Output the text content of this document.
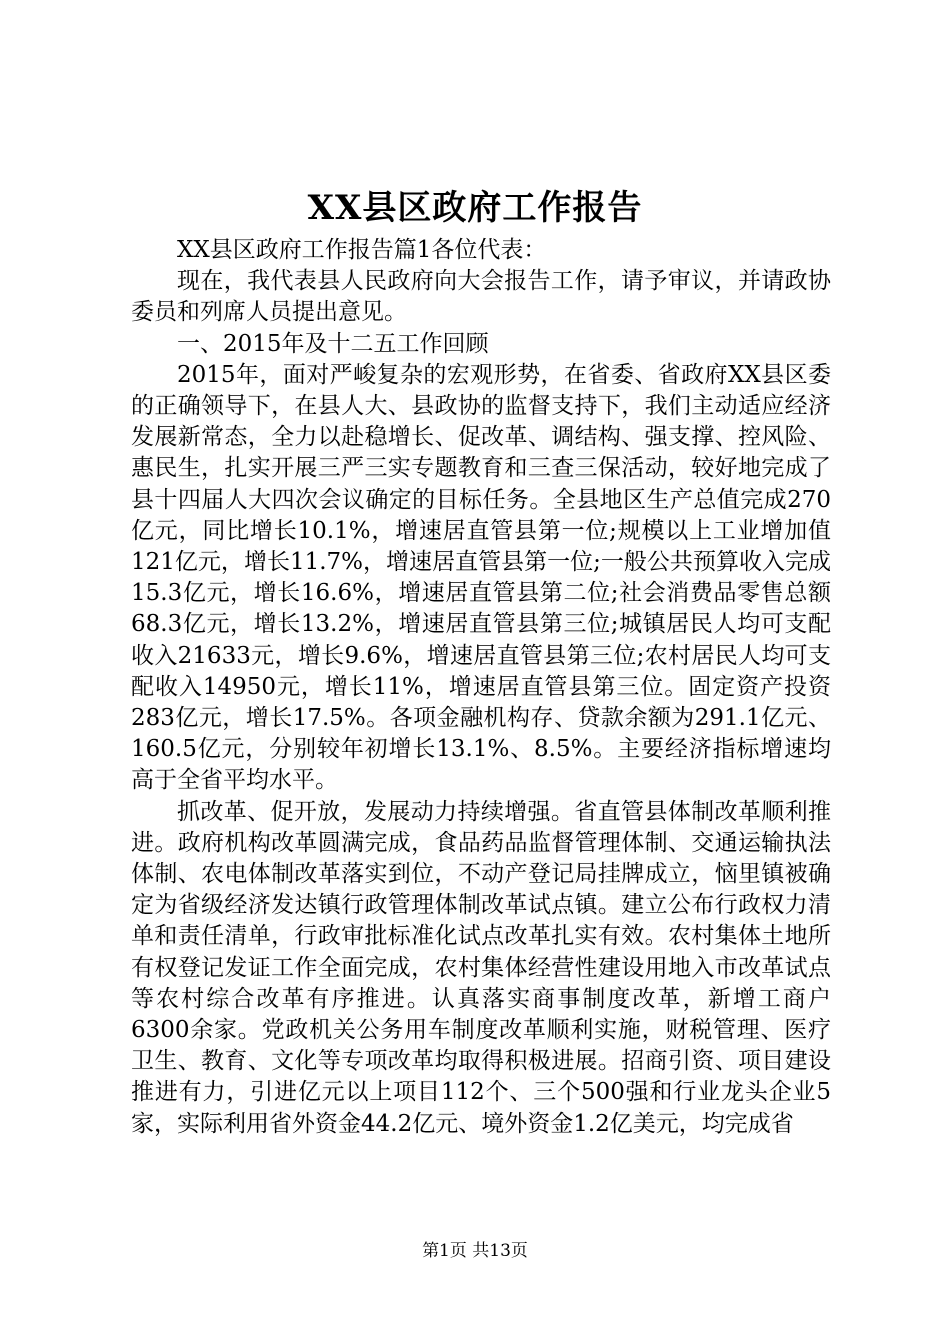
XX县区政府工作报告

XX县区政府工作报告篇1各位代表：

现在，我代表县人民政府向大会报告工作，请予审议，并请政协委员和列席人员提出意见。

一、2015年及十二五工作回顾

2015年，面对严峻复杂的宏观形势，在省委、省政府XX县区委的正确领导下，在县人大、县政协的监督支持下，我们主动适应经济发展新常态，全力以赴稳增长、促改革、调结构、强支撑、控风险、惠民生，扎实开展三严三实专题教育和三查三保活动，较好地完成了县十四届人大四次会议确定的目标任务。全县地区生产总值完成270亿元，同比增长10.1%，增速居直管县第一位;规模以上工业增加值121亿元，增长11.7%，增速居直管县第一位;一般公共预算收入完成15.3亿元，增长16.6%，增速居直管县第二位;社会消费品零售总额68.3亿元，增长13.2%，增速居直管县第三位;城镇居民人均可支配收入21633元，增长9.6%，增速居直管县第三位;农村居民人均可支配收入14950元，增长11%，增速居直管县第三位。固定资产投资283亿元，增长17.5%。各项金融机构存、贷款余额为291.1亿元、160.5亿元，分别较年初增长13.1%、8.5%。主要经济指标增速均高于全省平均水平。

抓改革、促开放，发展动力持续增强。省直管县体制改革顺利推进。政府机构改革圆满完成，食品药品监督管理体制、交通运输执法体制、农电体制改革落实到位，不动产登记局挂牌成立，恼里镇被确定为省级经济发达镇行政管理体制改革试点镇。建立公布行政权力清单和责任清单，行政审批标准化试点改革扎实有效。农村集体土地所有权登记发证工作全面完成，农村集体经营性建设用地入市改革试点等农村综合改革有序推进。认真落实商事制度改革，新增工商户6300余家。党政机关公务用车制度改革顺利实施，财税管理、医疗卫生、教育、文化等专项改革均取得积极进展。招商引资、项目建设推进有力，引进亿元以上项目112个、三个500强和行业龙头企业5家，实际利用省外资金44.2亿元、境外资金1.2亿美元，均完成省

第1页 共13页
